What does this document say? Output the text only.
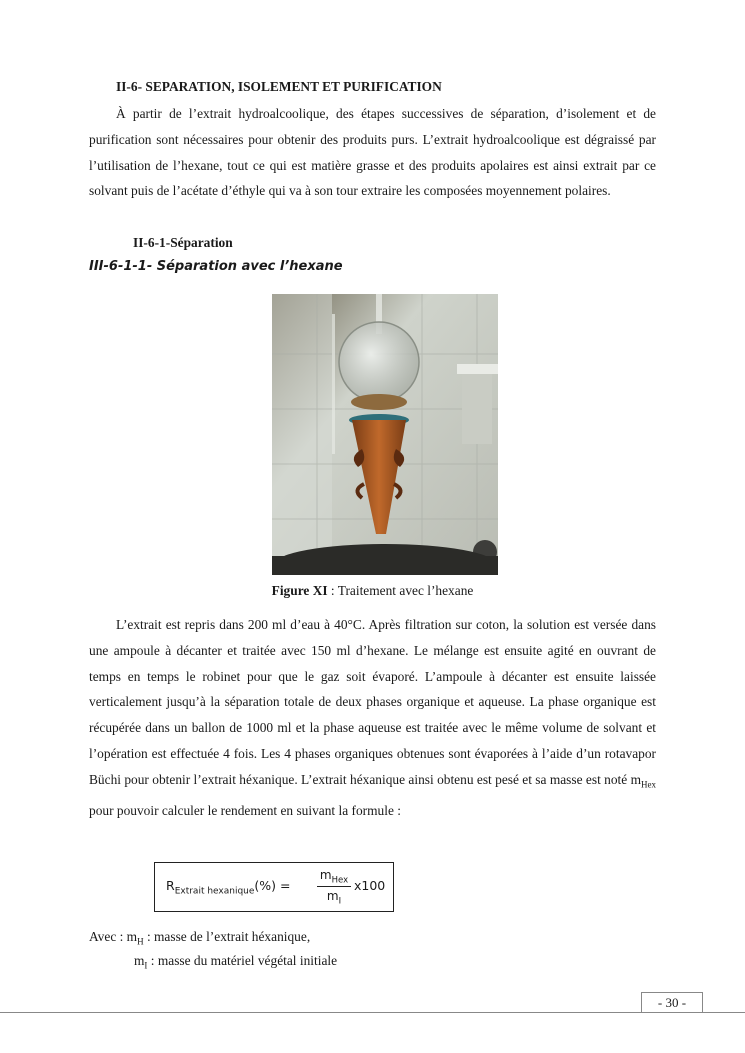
II-6- SEPARATION, ISOLEMENT ET PURIFICATION

À partir de l’extrait hydroalcoolique, des étapes successives de séparation, d’isolement et de purification sont nécessaires pour obtenir des produits purs. L’extrait hydroalcoolique est dégraissé par l’utilisation de l’hexane, tout ce qui est matière grasse et des produits apolaires est ainsi extrait par ce solvant puis de l’acétate d’éthyle qui va à son tour extraire les composées moyennement polaires.

II-6-1-Séparation
III-6-1-1- Séparation avec l’hexane
Figure XI : Traitement avec l’hexane

L’extrait est repris dans 200 ml d’eau à 40°C. Après filtration sur coton, la solution est versée dans une ampoule à décanter et traitée avec 150 ml d’hexane. Le mélange est ensuite agité en ouvrant de temps en temps le robinet pour que le gaz soit évaporé. L’ampoule à décanter est ensuite laissée verticalement jusqu’à la séparation totale de deux phases organique et aqueuse. La phase organique est récupérée dans un ballon de 1000 ml et la phase aqueuse est traitée avec le même volume de solvant et l’opération est effectuée 4 fois. Les 4 phases organiques obtenues sont évaporées à l’aide d’un rotavapor Büchi pour obtenir l’extrait héxanique. L’extrait héxanique ainsi obtenu est pesé et sa masse est noté $m_{Hex}$ pour pouvoir calculer le rendement en suivant la formule :

$R_{Extrait hexanique}(\%)$ =
$m_{Hex}$
$m_I$
x100
Avec : $m_H$ : masse de l’extrait héxanique,
$m_I$ : masse du matériel végétal initiale
- 30 -
